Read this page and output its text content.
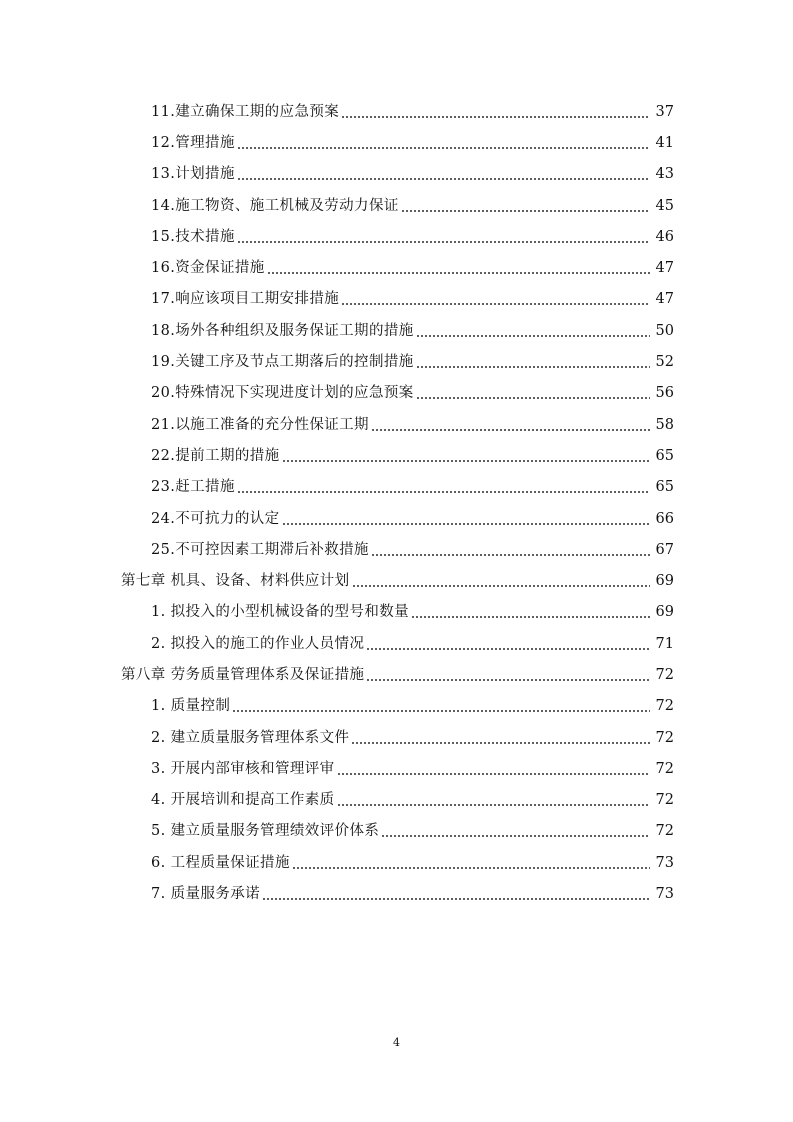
11.建立确保工期的应急预案	37
12.管理措施	41
13.计划措施	43
14.施工物资、施工机械及劳动力保证	45
15.技术措施	46
16.资金保证措施	47
17.响应该项目工期安排措施	47
18.场外各种组织及服务保证工期的措施	50
19.关键工序及节点工期落后的控制措施	52
20.特殊情况下实现进度计划的应急预案	56
21.以施工准备的充分性保证工期	58
22.提前工期的措施	65
23.赶工措施	65
24.不可抗力的认定	66
25.不可控因素工期滞后补救措施	67
第七章 机具、设备、材料供应计划	69
1. 拟投入的小型机械设备的型号和数量	69
2. 拟投入的施工的作业人员情况	71
第八章 劳务质量管理体系及保证措施	72
1. 质量控制	72
2. 建立质量服务管理体系文件	72
3. 开展内部审核和管理评审	72
4. 开展培训和提高工作素质	72
5. 建立质量服务管理绩效评价体系	72
6. 工程质量保证措施	73
7. 质量服务承诺	73
4
